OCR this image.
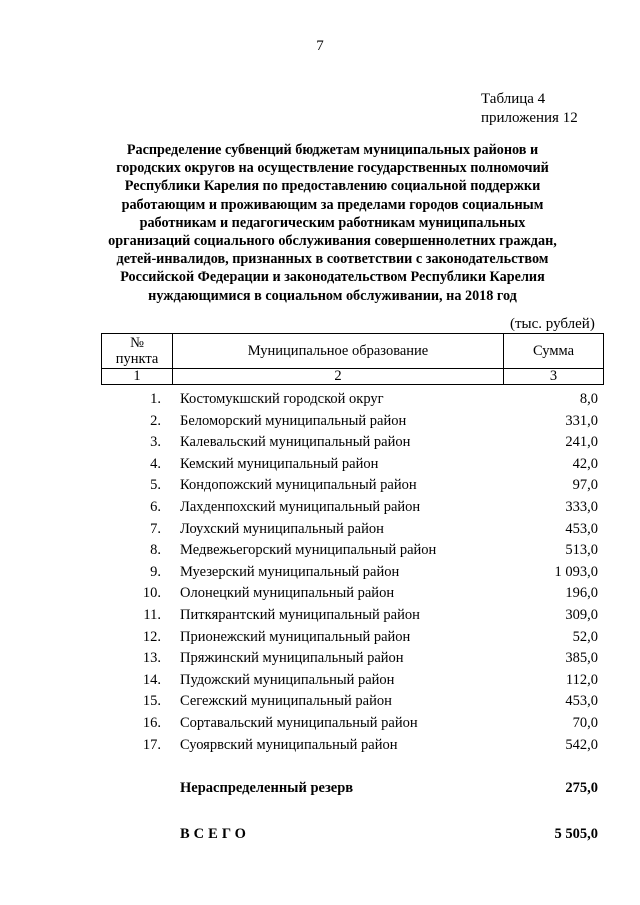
7
Таблица 4
приложения 12
Распределение субвенций бюджетам муниципальных районов и
городских округов на осуществление государственных полномочий
Республики Карелия по предоставлению социальной поддержки
работающим и проживающим за пределами городов социальным
работникам и педагогическим работникам муниципальных
организаций социального обслуживания совершеннолетних граждан,
детей-инвалидов, признанных в соответствии с законодательством
Российской Федерации и законодательством Республики Карелия
нуждающимися в социальном обслуживании, на 2018 год
(тыс. рублей)
№
пункта	Муниципальное образование	Сумма
1	2	3
1. Костомукшский городской округ	8,0
2. Беломорский муниципальный район	331,0
3. Калевальский муниципальный район	241,0
4. Кемский муниципальный район	42,0
5. Кондопожский муниципальный район	97,0
6. Лахденпохский муниципальный район	333,0
7. Лоухский муниципальный район	453,0
8. Медвежьегорский муниципальный район	513,0
9. Муезерский муниципальный район	1 093,0
10. Олонецкий муниципальный район	196,0
11. Питкярантский муниципальный район	309,0
12. Прионежский муниципальный район	52,0
13. Пряжинский муниципальный район	385,0
14. Пудожский муниципальный район	112,0
15. Сегежский муниципальный район	453,0
16. Сортавальский муниципальный район	70,0
17. Суоярвский муниципальный район	542,0
Нераспределенный резерв	275,0
ВСЕГО	5 505,0
